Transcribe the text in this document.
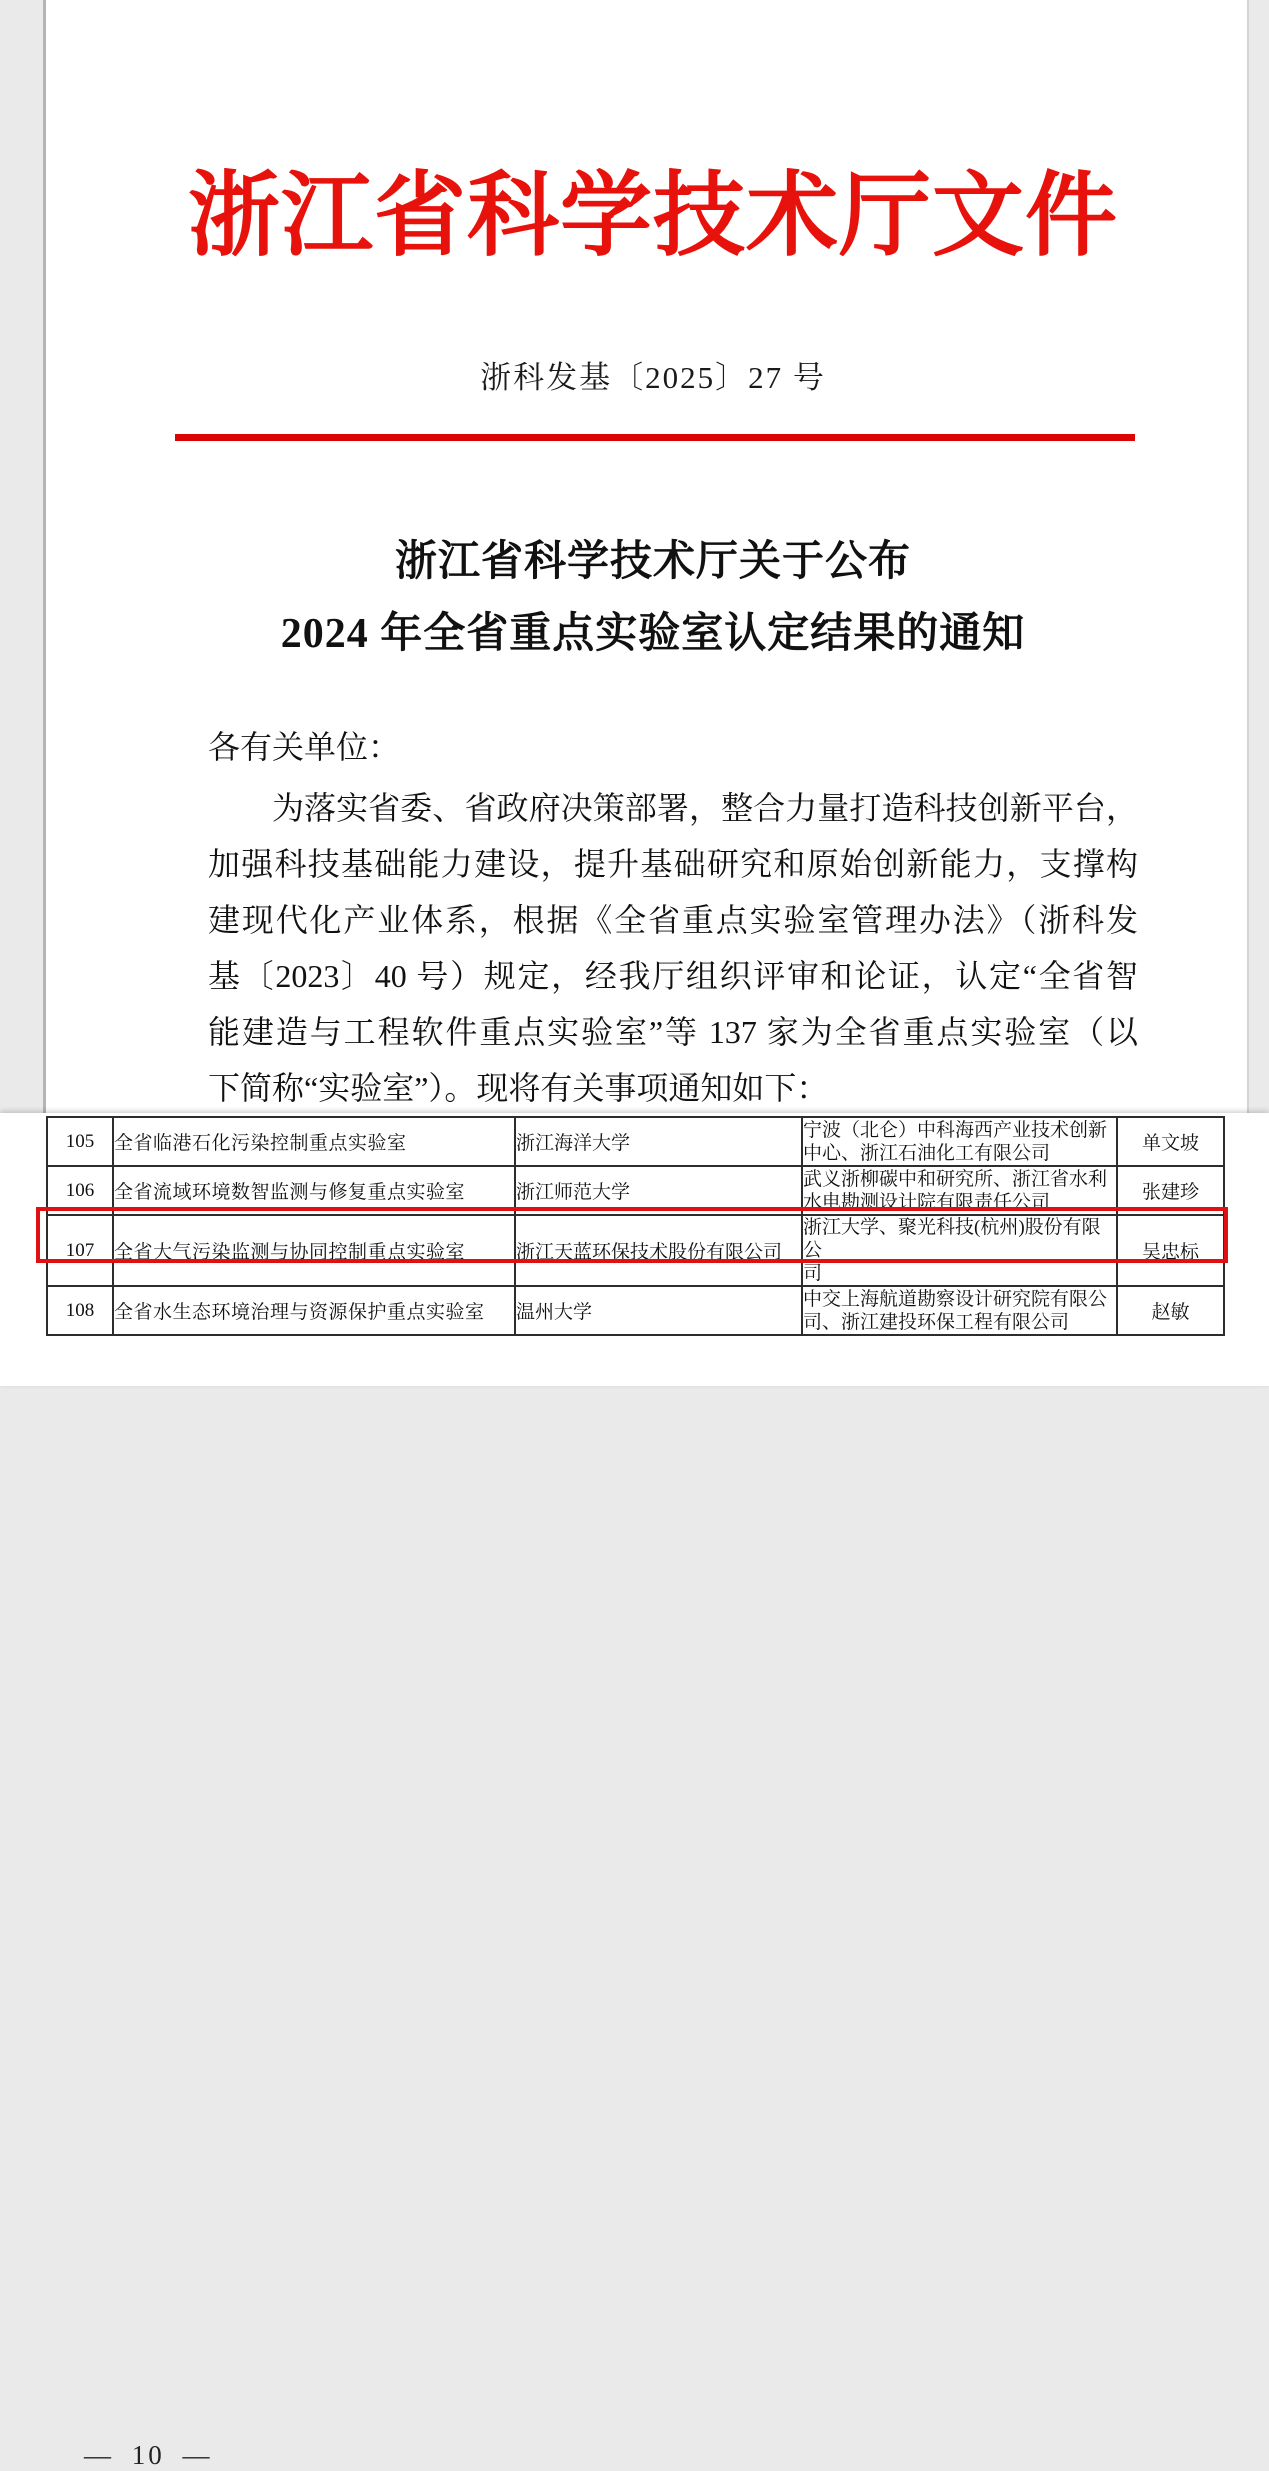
浙江省科学技术厅文件
浙科发基〔2025〕27 号
浙江省科学技术厅关于公布
2024 年全省重点实验室认定结果的通知
各有关单位：
为落实省委、省政府决策部署，整合力量打造科技创新平台，
加强科技基础能力建设，提升基础研究和原始创新能力，支撑构
建现代化产业体系，根据《全省重点实验室管理办法》（浙科发
基〔2023〕40 号）规定，经我厅组织评审和论证，认定“全省智
能建造与工程软件重点实验室”等 137 家为全省重点实验室（以
下简称“实验室”）。现将有关事项通知如下：
105	全省临港石化污染控制重点实验室	浙江海洋大学	宁波（北仑）中科海西产业技术创新
中心、浙江石油化工有限公司	单文坡
106	全省流域环境数智监测与修复重点实验室	浙江师范大学	武义浙柳碳中和研究所、浙江省水利
水电勘测设计院有限责任公司	张建珍
107	全省大气污染监测与协同控制重点实验室	浙江天蓝环保技术股份有限公司	浙江大学、聚光科技(杭州)股份有限公
司	吴忠标
108	全省水生态环境治理与资源保护重点实验室	温州大学	中交上海航道勘察设计研究院有限公
司、浙江建投环保工程有限公司	赵敏
— 10 —
